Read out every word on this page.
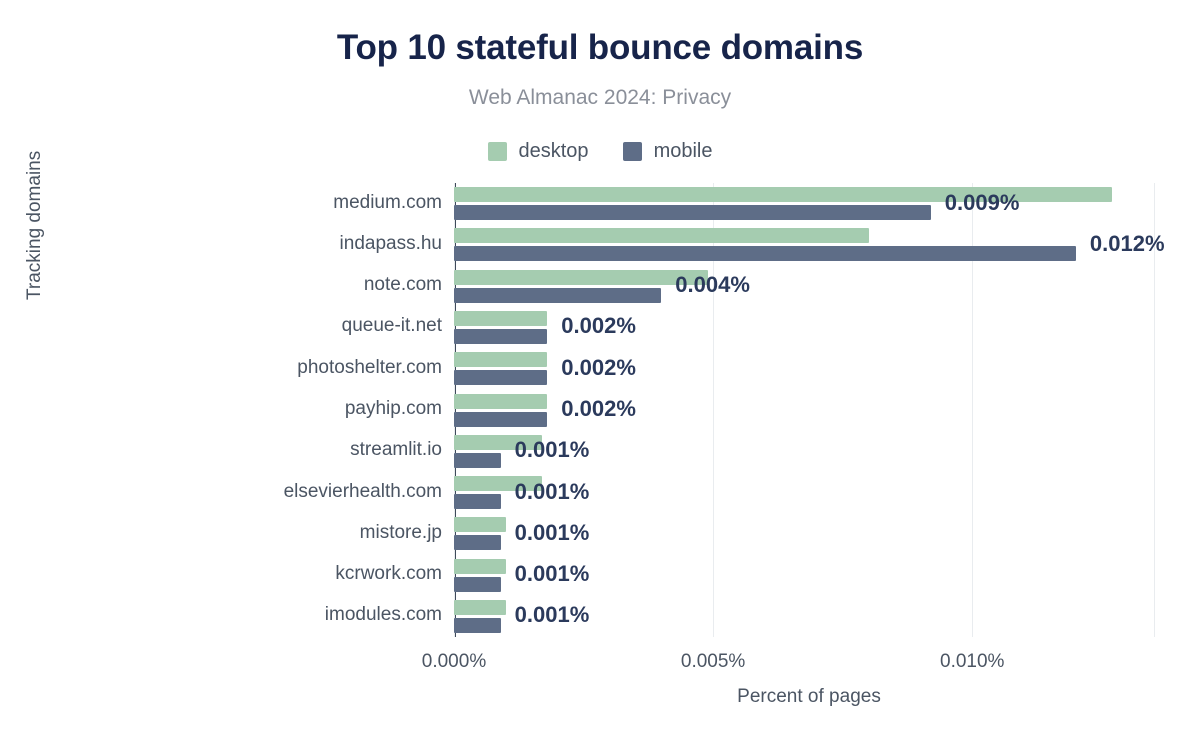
Top 10 stateful bounce domains
Web Almanac 2024: Privacy
desktop	mobile
Tracking domains
Percent of pages
0.000%	0.005%	0.010%
medium.com	0.009%
indapass.hu	0.012%
note.com	0.004%
queue-it.net	0.002%
photoshelter.com	0.002%
payhip.com	0.002%
streamlit.io	0.001%
elsevierhealth.com	0.001%
mistore.jp	0.001%
kcrwork.com	0.001%
imodules.com	0.001%
